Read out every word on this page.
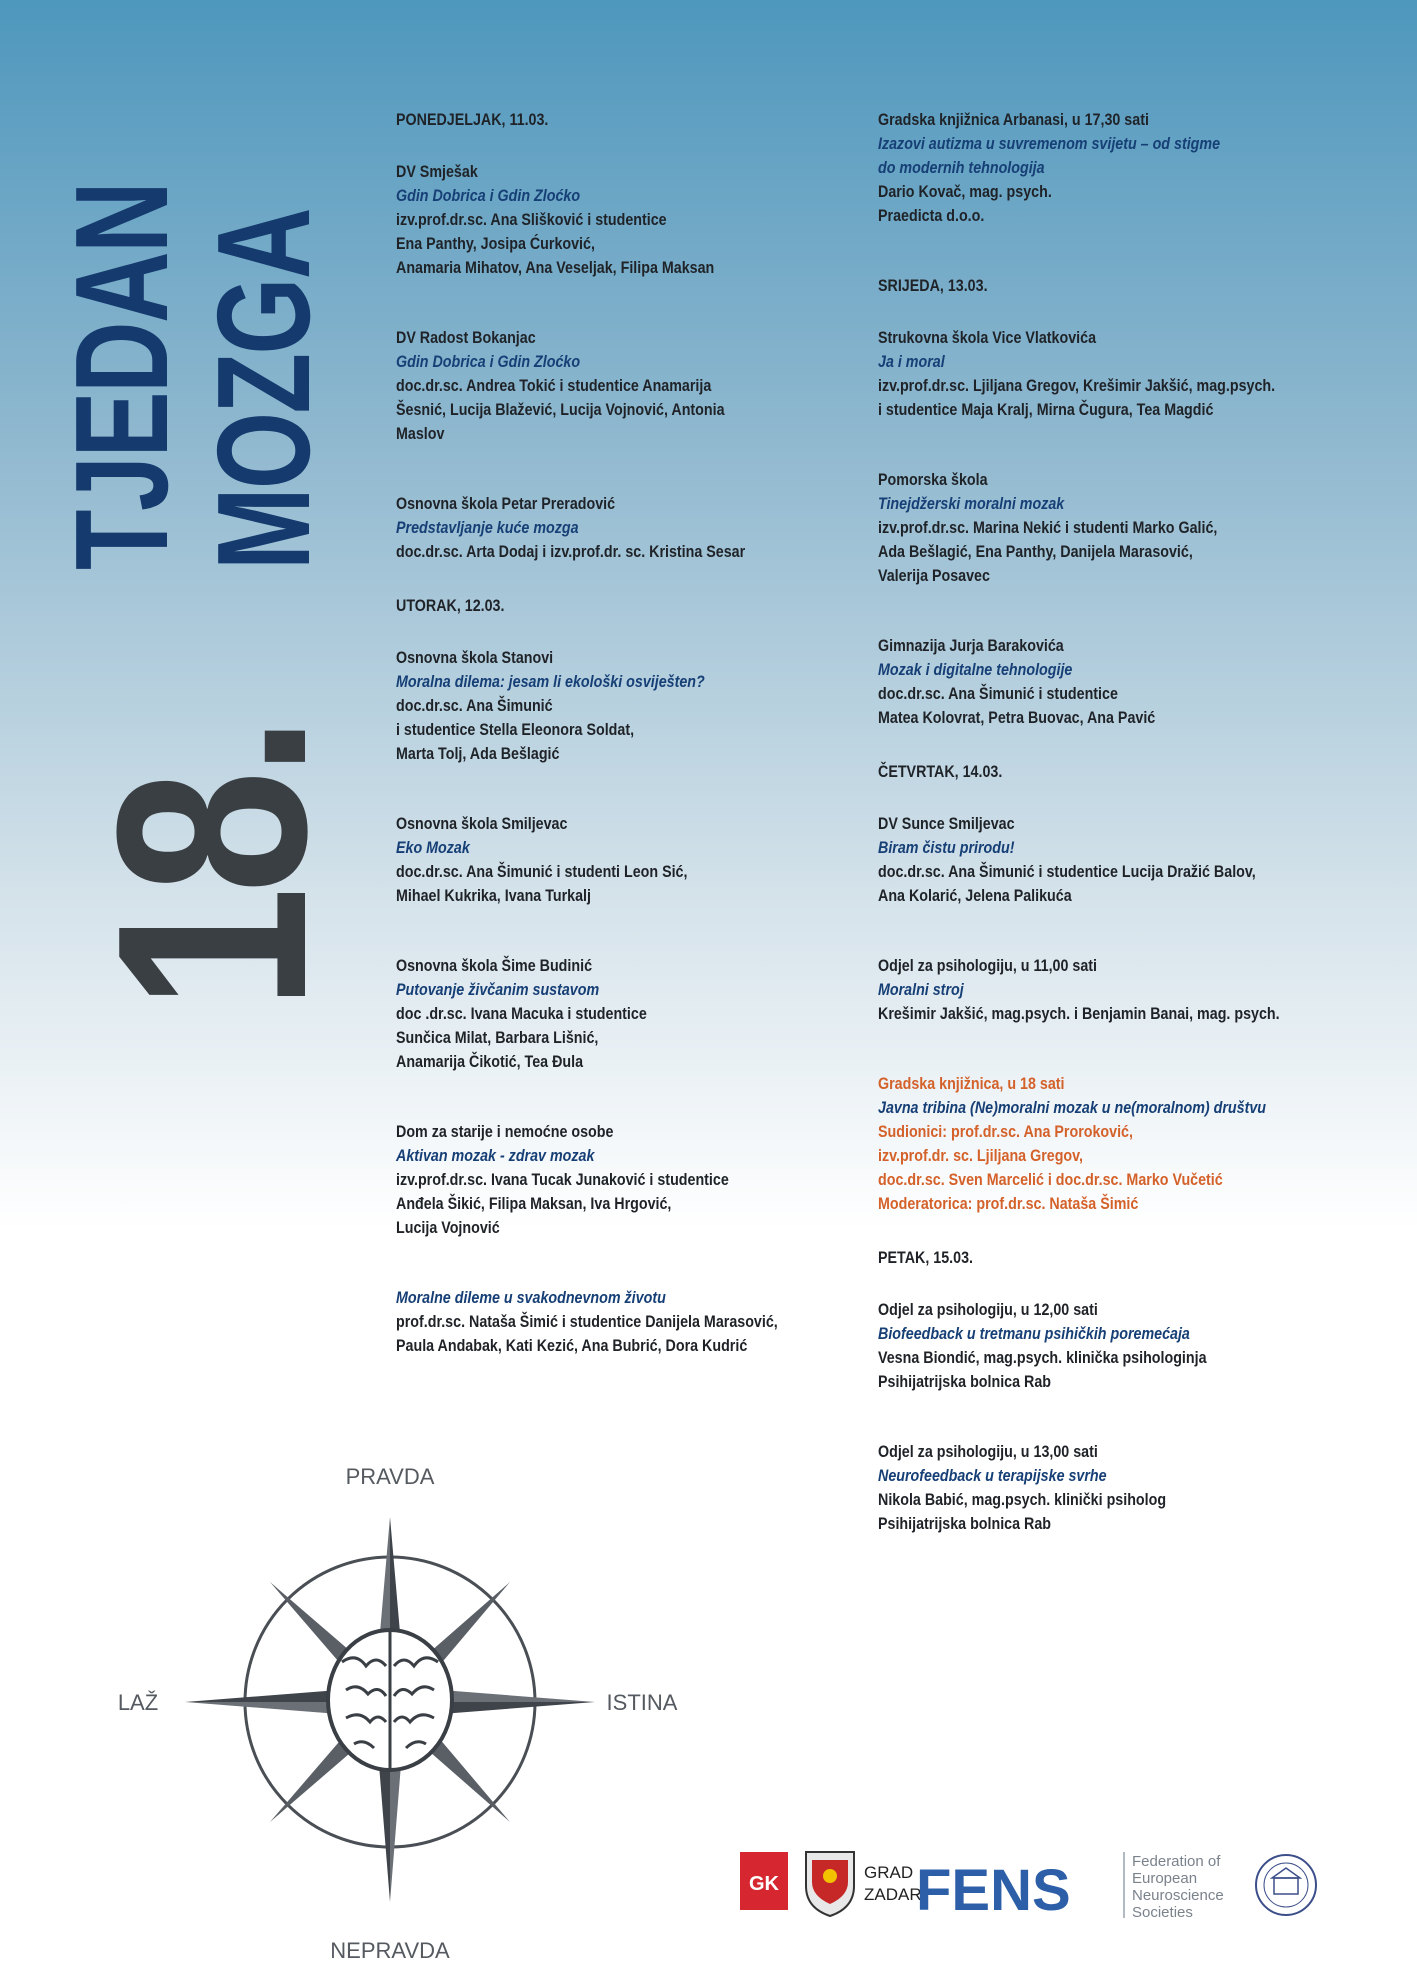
18.
TJEDAN
MOZGA
PONEDJELJAK, 11.03.
DV Smješak
Gdin Dobrica i Gdin Zloćko
izv.prof.dr.sc. Ana Slišković i studentice
Ena Panthy, Josipa Ćurković,
Anamaria Mihatov, Ana Veseljak, Filipa Maksan
DV Radost Bokanjac
Gdin Dobrica i Gdin Zloćko
doc.dr.sc. Andrea Tokić i studentice Anamarija
Šesnić, Lucija Blažević, Lucija Vojnović, Antonia
Maslov
Osnovna škola Petar Preradović
Predstavljanje kuće mozga
doc.dr.sc. Arta Dodaj i izv.prof.dr. sc. Kristina Sesar
UTORAK, 12.03.
Osnovna škola Stanovi
Moralna dilema: jesam li ekološki osviješten?
doc.dr.sc. Ana Šimunić
i studentice Stella Eleonora Soldat,
Marta Tolj, Ada Bešlagić
Osnovna škola Smiljevac
Eko Mozak
doc.dr.sc. Ana Šimunić i studenti Leon Sić,
Mihael Kukrika, Ivana Turkalj
Osnovna škola Šime Budinić
Putovanje živčanim sustavom
doc .dr.sc. Ivana Macuka i studentice
Sunčica Milat, Barbara Lišnić,
Anamarija Čikotić, Tea Đula
Dom za starije i nemoćne osobe
Aktivan mozak - zdrav mozak
izv.prof.dr.sc. Ivana Tucak Junaković i studentice
Anđela Šikić, Filipa Maksan, Iva Hrgović,
Lucija Vojnović
Moralne dileme u svakodnevnom životu
prof.dr.sc. Nataša Šimić i studentice Danijela Marasović,
Paula Andabak, Kati Kezić, Ana Bubrić, Dora Kudrić
Gradska knjižnica Arbanasi, u 17,30 sati
Izazovi autizma u suvremenom svijetu – od stigme
do modernih tehnologija
Dario Kovač, mag. psych.
Praedicta d.o.o.
SRIJEDA, 13.03.
Strukovna škola Vice Vlatkovića
Ja i moral
izv.prof.dr.sc. Ljiljana Gregov, Krešimir Jakšić, mag.psych.
i studentice Maja Kralj, Mirna Čugura, Tea Magdić
Pomorska škola
Tinejdžerski moralni mozak
izv.prof.dr.sc. Marina Nekić i studenti Marko Galić,
Ada Bešlagić, Ena Panthy, Danijela Marasović,
Valerija Posavec
Gimnazija Jurja Barakovića
Mozak i digitalne tehnologije
doc.dr.sc. Ana Šimunić i studentice
Matea Kolovrat, Petra Buovac, Ana Pavić
ČETVRTAK, 14.03.
DV Sunce Smiljevac
Biram čistu prirodu!
doc.dr.sc. Ana Šimunić i studentice Lucija Dražić Balov,
Ana Kolarić, Jelena Palikuća
Odjel za psihologiju, u 11,00 sati
Moralni stroj
Krešimir Jakšić, mag.psych. i Benjamin Banai, mag. psych.
Gradska knjižnica, u 18 sati
Javna tribina (Ne)moralni mozak u ne(moralnom) društvu
Sudionici: prof.dr.sc. Ana Proroković,
izv.prof.dr. sc. Ljiljana Gregov,
doc.dr.sc. Sven Marcelić i doc.dr.sc. Marko Vučetić
Moderatorica: prof.dr.sc. Nataša Šimić
PETAK, 15.03.
Odjel za psihologiju, u 12,00 sati
Biofeedback u tretmanu psihičkih poremećaja
Vesna Biondić, mag.psych. klinička psihologinja
Psihijatrijska bolnica Rab
Odjel za psihologiju, u 13,00 sati
Neurofeedback u terapijske svrhe
Nikola Babić, mag.psych. klinički psiholog
Psihijatrijska bolnica Rab
PRAVDA
NEPRAVDA
LAŽ	ISTINA
GK
GRAD
ZADAR
FENS	Federation of
European
Neuroscience
Societies
